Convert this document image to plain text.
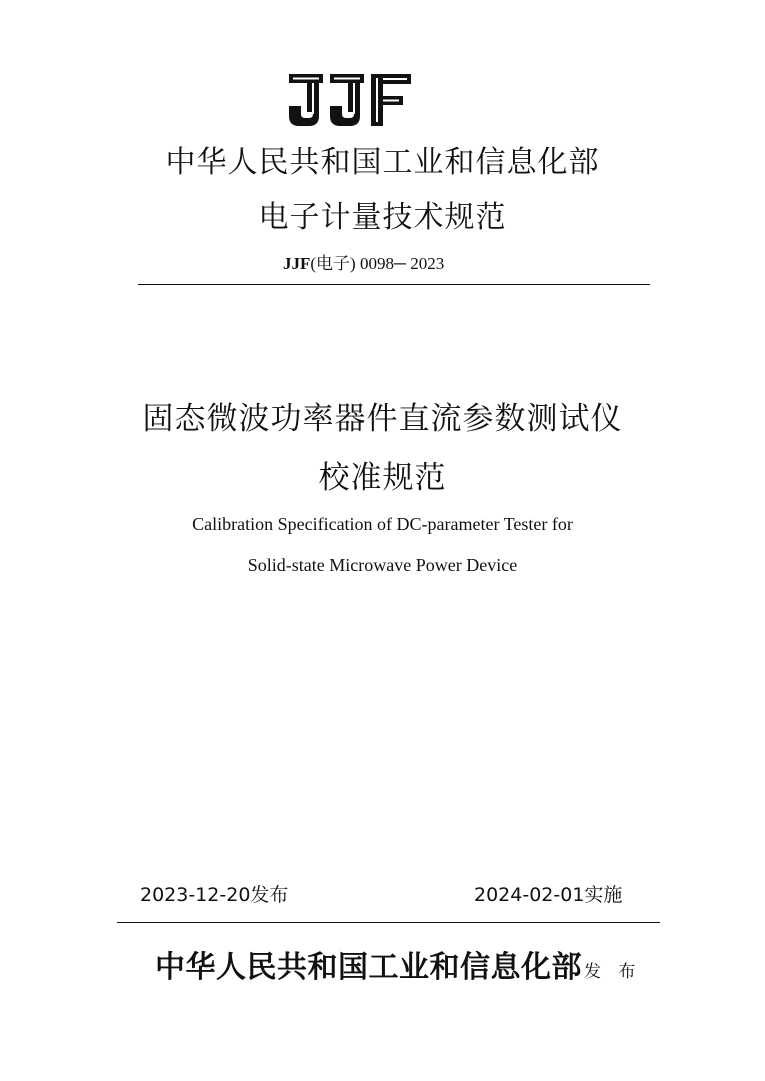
中华人民共和国工业和信息化部
电子计量技术规范
JJF(电子) 0098─ 2023
固态微波功率器件直流参数测试仪
校准规范
Calibration Specification of DC-parameter Tester for
Solid-state Microwave Power Device
2023-12-20发布	2024-02-01实施
中华人民共和国工业和信息化部 发 布
